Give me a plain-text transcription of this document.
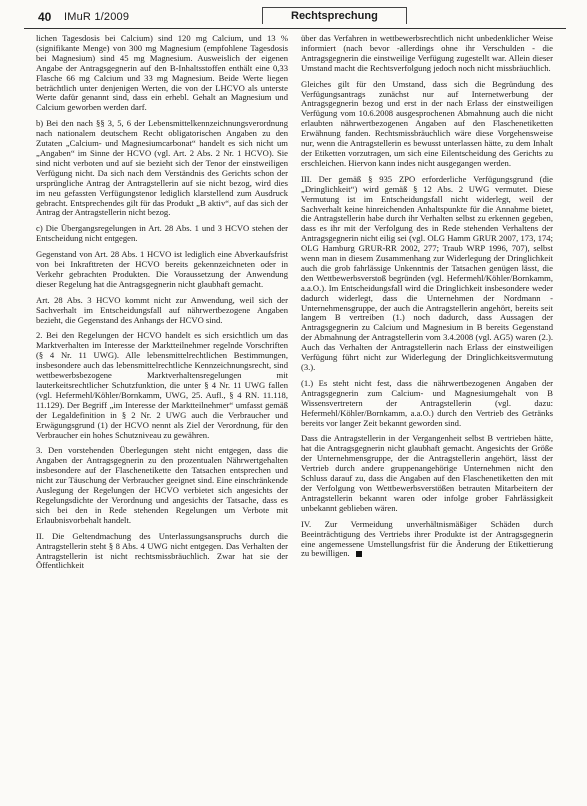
40 IMuR 1/2009	Rechtsprechung

lichen Tagesdosis bei Calcium) sind 120 mg Calcium, und 13 % (signifikante Menge) von 300 mg Magnesium (empfohlene Tagesdosis bei Magnesium) sind 45 mg Magnesium. Ausweislich der eigenen Angabe der Antragsgegnerin auf den B-Inhaltsstoffen enthält eine 0,33 Flasche 66 mg Calcium und 33 mg Magnesium. Beide Werte liegen beträchtlich unter denjenigen Werten, die von der LHCVO als unterste Werte dafür genannt sind, dass ein erhebl. Gehalt an Magnesium und Calcium geworben werden darf.

b) Bei den nach §§ 3, 5, 6 der Lebensmittelkennzeichnungsverordnung nach nationalem deutschem Recht obligatorischen Angaben zu den Zutaten „Calcium- und Magnesiumcarbonat“ handelt es sich nicht um „Angaben“ im Sinne der HCVO (vgl. Art. 2 Abs. 2 Nr. 1 HCVO). Sie sind nicht verboten und auf sie bezieht sich der Tenor der einstweiligen Verfügung nicht. Da sich nach dem Verständnis des Gerichts schon der ursprüngliche Antrag der Antragstellerin auf sie nicht bezog, wird dies im neu gefassten Verfügungstenor lediglich klarstellend zum Ausdruck gebracht. Entsprechendes gilt für das Produkt „B aktiv“, auf das sich der Antrag der Antragstellerin nicht bezog.

c) Die Übergangsregelungen in Art. 28 Abs. 1 und 3 HCVO stehen der Entscheidung nicht entgegen.

Gegenstand von Art. 28 Abs. 1 HCVO ist lediglich eine Abverkaufsfrist von bei Inkrafttreten der HCVO bereits gekennzeichneten oder in Verkehr gebrachten Produkten. Die Voraussetzung der Anwendung dieser Regelung hat die Antragsgegnerin nicht glaubhaft gemacht.

Art. 28 Abs. 3 HCVO kommt nicht zur Anwendung, weil sich der Sachverhalt im Entscheidungsfall auf nährwertbezogene Angaben bezieht, die Gegenstand des Anhangs der HCVO sind.

2. Bei den Regelungen der HCVO handelt es sich ersichtlich um das Marktverhalten im Interesse der Marktteilnehmer regelnde Vorschriften (§ 4 Nr. 11 UWG). Alle lebensmittelrechtlichen Bestimmungen, insbesondere auch das lebensmittelrechtliche Kennzeichnungsrecht, sind wettbewerbsbezogene Marktverhaltensregelungen mit lauterkeitsrechtlicher Schutzfunktion, die unter § 4 Nr. 11 UWG fallen (vgl. Hefermehl/Köhler/Bornkamm, UWG, 25. Aufl., § 4 RN. 11.118, 11.129). Der Begriff „im Interesse der Marktteilnehmer“ umfasst gemäß der Legaldefinition in § 2 Nr. 2 UWG auch die Verbraucher und Erwägungsgrund (1) der HCVO nennt als Ziel der Verordnung, für den Verbraucher ein hohes Schutzniveau zu gewähren.

3. Den vorstehenden Überlegungen steht nicht entgegen, dass die Angaben der Antragsgegnerin zu den prozentualen Nährwertgehalten insbesondere auf der Flaschenetikette den Tatsachen entsprechen und nicht zur Täuschung der Verbraucher geeignet sind. Eine einschränkende Auslegung der Regelungen der HCVO verbietet sich angesichts der Regelungsdichte der Verordnung und angesichts der Tatsache, dass es sich bei den in Rede stehenden Regelungen um Verbote mit Erlaubnisvorbehalt handelt.

II. Die Geltendmachung des Unterlassungsanspruchs durch die Antragstellerin steht § 8 Abs. 4 UWG nicht entgegen. Das Verhalten der Antragstellerin ist nicht rechtsmissbräuchlich. Zwar hat sie der Öffentlichkeit

über das Verfahren in wettbewerbsrechtlich nicht unbedenklicher Weise informiert (nach bevor -allerdings ohne ihr Verschulden - die Antragsgegnerin die einstweilige Verfügung zugestellt war. Allein dieser Umstand macht die Rechtsverfolgung jedoch noch nicht missbräuchlich.

Gleiches gilt für den Umstand, dass sich die Begründung des Verfügungsantrags zunächst nur auf Internetwerbung der Antragsgegnerin bezog und erst in der nach Erlass der einstweiligen Verfügung vom 10.6.2008 ausgesprochenen Abmahnung auch die nicht erlaubten nährwertbezogenen Angaben auf den Flaschenetiketten Erwähnung fanden. Rechtsmissbräuchlich wäre diese Vorgehensweise nur, wenn die Antragstellerin es bewusst unterlassen hätte, zu dem Inhalt der Etiketten vorzutragen, um sich eine Eilentscheidung des Gerichts zu erschleichen. Hiervon kann indes nicht ausgegangen werden.

III. Der gemäß § 935 ZPO erforderliche Verfügungsgrund (die „Dringlichkeit“) wird gemäß § 12 Abs. 2 UWG vermutet. Diese Vermutung ist im Entscheidungsfall nicht widerlegt, weil der Sachverhalt keine hinreichenden Anhaltspunkte für die Annahme bietet, die Antragstellerin habe durch ihr Verhalten selbst zu erkennen gegeben, dass es ihr mit der Verfolgung des in Rede stehenden Verhaltens der Antragsgegnerin nicht eilig sei (vgl. OLG Hamm GRUR 2007, 173, 174; OLG Hamburg GRUR-RR 2002, 277; Traub WRP 1996, 707), selbst wenn man in diesem Zusammenhang zur Widerlegung der Dringlichkeit auch die grob fahrlässige Unkenntnis der Tatsachen genügen lässt, die den Wettbewerbsverstoß begründen (vgl. Hefermehl/Köhler/Bornkamm, a.a.O.). Im Entscheidungsfall wird die Dringlichkeit insbesondere weder dadurch widerlegt, dass die Unternehmen der Nordmann - Unternehmensgruppe, der auch die Antragstellerin angehört, bereits seit langem B vertreiben (1.) noch dadurch, dass Aussagen der Antragsgegnerin zu Calcium und Magnesium in B bereits Gegenstand der Abmahnung der Antragstellerin vom 3.4.2008 (vgl. AG5) waren (2.). Auch das Verhalten der Antragstellerin nach Erlass der einstweiligen Verfügung führt nicht zur Widerlegung der Dringlichkeitsvermutung (3.).

(1.) Es steht nicht fest, dass die nährwertbezogenen Angaben der Antragsgegnerin zum Calcium- und Magnesiumgehalt von B Wissensvertretern der Antragstellerin (vgl. dazu: Hefermehl/Köhler/Bornkamm, a.a.O.) durch den Vertrieb des Getränks bereits vor langer Zeit bekannt geworden sind.

Dass die Antragstellerin in der Vergangenheit selbst B vertrieben hätte, hat die Antragsgegnerin nicht glaubhaft gemacht. Angesichts der Größe der Unternehmensgruppe, der die Antragstellerin angehört, lässt der Vertrieb durch andere gruppenangehörige Unternehmen nicht den Schluss darauf zu, dass die Angaben auf den Flaschenetiketten den mit der Verfolgung von Wettbewerbsverstößen betrauten Mitarbeitern der Antragstellerin bekannt waren oder infolge grober Fahrlässigkeit unbekannt geblieben wären.

IV. Zur Vermeidung unverhältnismäßiger Schäden durch Beeinträchtigung des Vertriebs ihrer Produkte ist der Antragsgegnerin eine angemessene Umstellungsfrist für die Änderung der Etikettierung zu bewilligen.
